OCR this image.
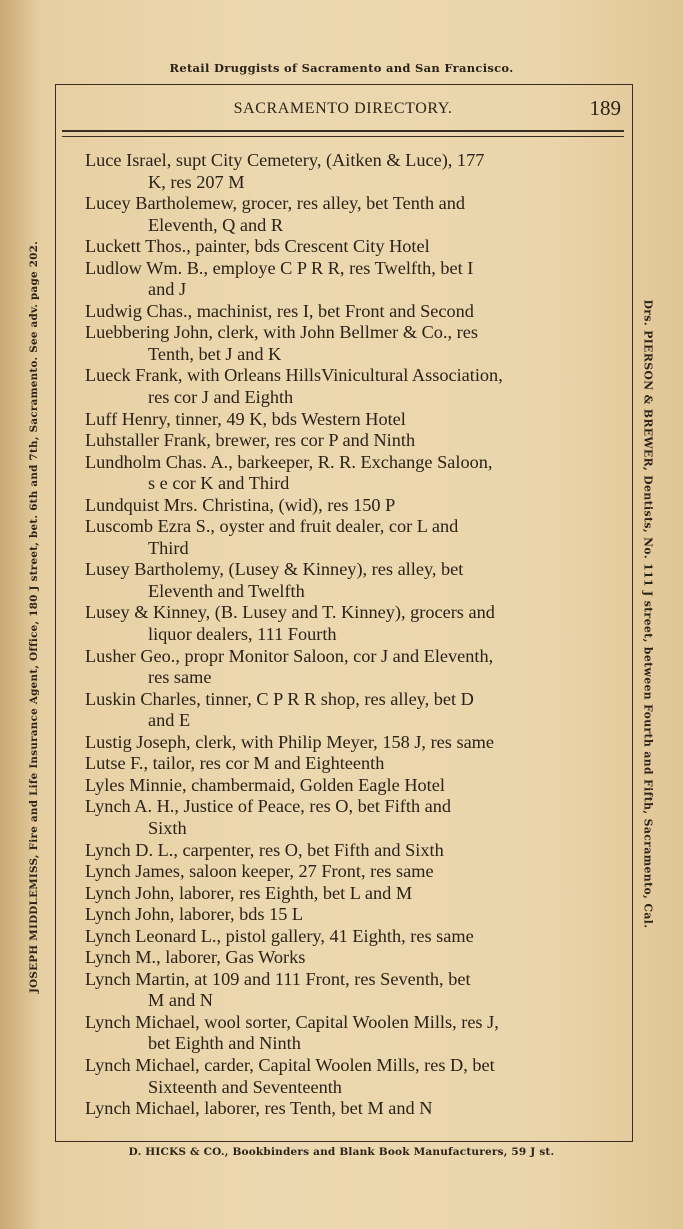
Retail Druggists of Sacramento and San Francisco.
SACRAMENTO DIRECTORY.	189
Luce Israel, supt City Cemetery, (Aitken & Luce), 177
K, res 207 M
Lucey Bartholemew, grocer, res alley, bet Tenth and
Eleventh, Q and R
Luckett Thos., painter, bds Crescent City Hotel
Ludlow Wm. B., employe C P R R, res Twelfth, bet I
and J
Ludwig Chas., machinist, res I, bet Front and Second
Luebbering John, clerk, with John Bellmer & Co., res
Tenth, bet J and K
Lueck Frank, with Orleans HillsVinicultural Association,
res cor J and Eighth
Luff Henry, tinner, 49 K, bds Western Hotel
Luhstaller Frank, brewer, res cor P and Ninth
Lundholm Chas. A., barkeeper, R. R. Exchange Saloon,
s e cor K and Third
Lundquist Mrs. Christina, (wid), res 150 P
Luscomb Ezra S., oyster and fruit dealer, cor L and
Third
Lusey Bartholemy, (Lusey & Kinney), res alley, bet
Eleventh and Twelfth
Lusey & Kinney, (B. Lusey and T. Kinney), grocers and
liquor dealers, 111 Fourth
Lusher Geo., propr Monitor Saloon, cor J and Eleventh,
res same
Luskin Charles, tinner, C P R R shop, res alley, bet D
and E
Lustig Joseph, clerk, with Philip Meyer, 158 J, res same
Lutse F., tailor, res cor M and Eighteenth
Lyles Minnie, chambermaid, Golden Eagle Hotel
Lynch A. H., Justice of Peace, res O, bet Fifth and
Sixth
Lynch D. L., carpenter, res O, bet Fifth and Sixth
Lynch James, saloon keeper, 27 Front, res same
Lynch John, laborer, res Eighth, bet L and M
Lynch John, laborer, bds 15 L
Lynch Leonard L., pistol gallery, 41 Eighth, res same
Lynch M., laborer, Gas Works
Lynch Martin, at 109 and 111 Front, res Seventh, bet
M and N
Lynch Michael, wool sorter, Capital Woolen Mills, res J,
bet Eighth and Ninth
Lynch Michael, carder, Capital Woolen Mills, res D, bet
Sixteenth and Seventeenth
Lynch Michael, laborer, res Tenth, bet M and N
JOSEPH MIDDLEMISS, Fire and Life Insurance Agent, Office, 180 J street, bet. 6th and 7th, Sacramento. See adv. page 202.	Drs. PIERSON & BREWER, Dentists, No. 111 J street, between Fourth and Fifth, Sacramento, Cal.
D. HICKS & CO., Bookbinders and Blank Book Manufacturers, 59 J st.
